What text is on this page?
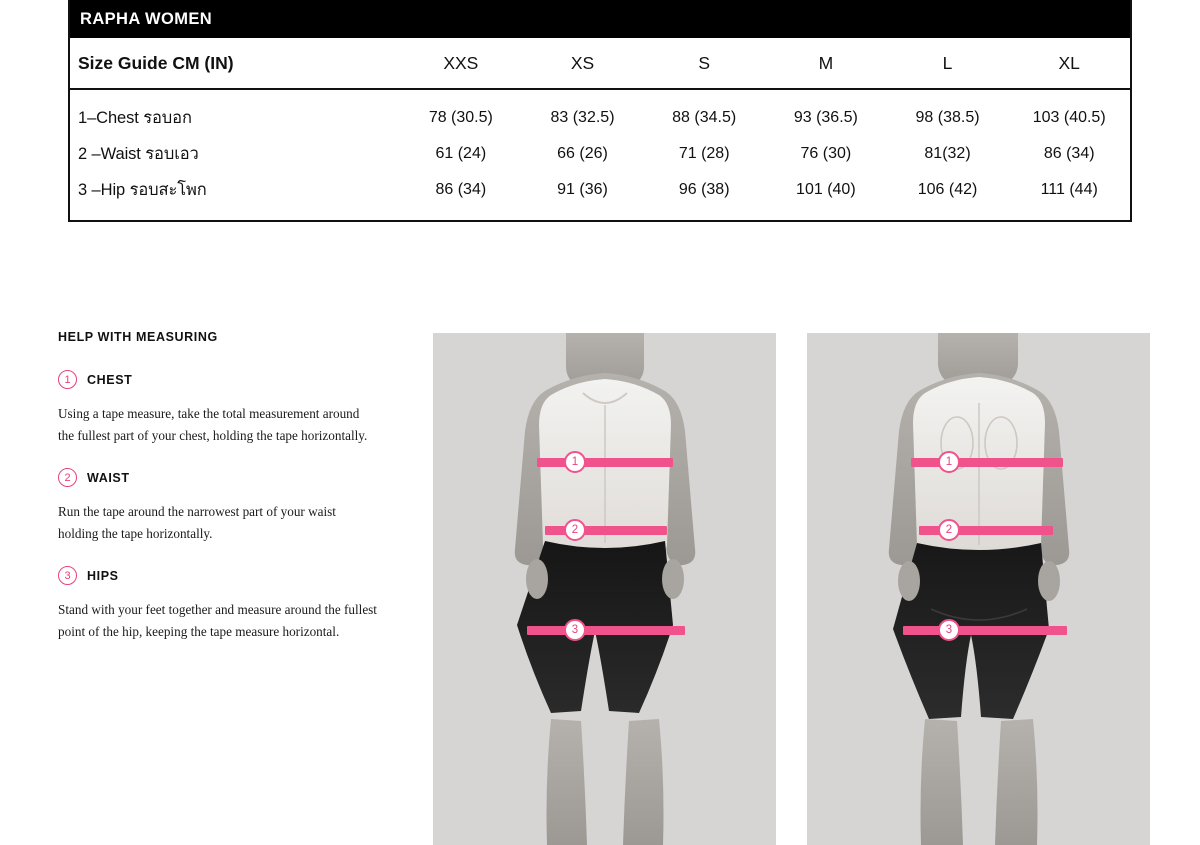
RAPHA WOMEN
Size Guide CM (IN)	XXS	XS	S	M	L	XL
1–Chest รอบอก	78 (30.5)	83 (32.5)	88 (34.5)	93 (36.5)	98 (38.5)	103 (40.5)
2 –Waist รอบเอว	61 (24)	66 (26)	71 (28)	76 (30)	81(32)	86 (34)
3 –Hip รอบสะโพก	86 (34)	91 (36)	96 (38)	101 (40)	106 (42)	111 (44)
HELP WITH MEASURING
1	CHEST
Using a tape measure, take the total measurement around the fullest part of your chest, holding the tape horizontally.
2	WAIST
Run the tape around the narrowest part of your waist holding the tape horizontally.
3	HIPS
Stand with your feet together and measure around the fullest point of the hip, keeping the tape measure horizontal.
1
2
3
1
2
3
